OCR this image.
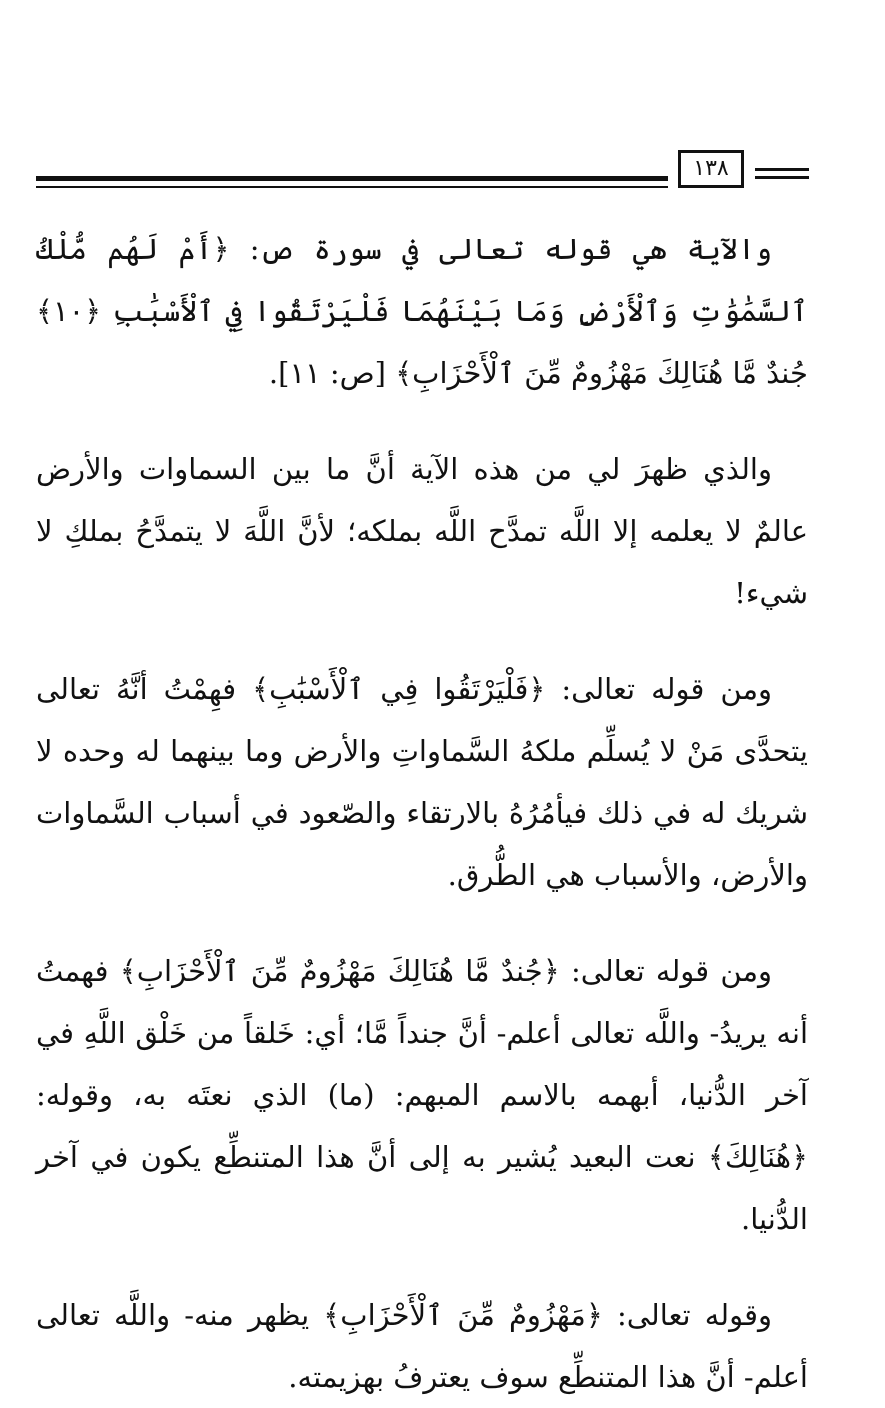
١٣٨

والآية هي قوله تعالى في سورة ص: ﴿أَمْ لَهُم مُّلْكُ ٱلسَّمَٰوَٰتِ وَٱلْأَرْضِ وَمَا بَيْنَهُمَا فَلْيَرْتَقُوا فِي ٱلْأَسْبَٰبِ ﴿١٠﴾ جُندٌ مَّا هُنَالِكَ مَهْزُومٌ مِّنَ ٱلْأَحْزَابِ﴾ [ص: ١١].

والذي ظهرَ لي من هذه الآية أنَّ ما بين السماوات والأرض عالمٌ لا يعلمه إلا اللَّه تمدَّح اللَّه بملكه؛ لأنَّ اللَّهَ لا يتمدَّحُ بملكِ لا شيء!

ومن قوله تعالى: ﴿فَلْيَرْتَقُوا فِي ٱلْأَسْبَٰبِ﴾ فهِمْتُ أنَّهُ تعالى يتحدَّى مَنْ لا يُسلِّم ملكهُ السَّماواتِ والأرض وما بينهما له وحده لا شريك له في ذلك فيأمُرُهُ بالارتقاء والصّعود في أسباب السَّماوات والأرض، والأسباب هي الطُّرق.

ومن قوله تعالى: ﴿جُندٌ مَّا هُنَالِكَ مَهْزُومٌ مِّنَ ٱلْأَحْزَابِ﴾ فهمتُ أنه يريدُ- واللَّه تعالى أعلم- أنَّ جنداً مَّا؛ أي: خَلقاً من خَلْق اللَّهِ في آخر الدُّنيا، أبهمه بالاسم المبهم: (ما) الذي نعتَه به، وقوله: ﴿هُنَالِكَ﴾ نعت البعيد يُشير به إلى أنَّ هذا المتنطِّع يكون في آخر الدُّنيا.

وقوله تعالى: ﴿مَهْزُومٌ مِّنَ ٱلْأَحْزَابِ﴾ يظهر منه- واللَّه تعالى أعلم- أنَّ هذا المتنطِّع سوف يعترفُ بهزيمته.
